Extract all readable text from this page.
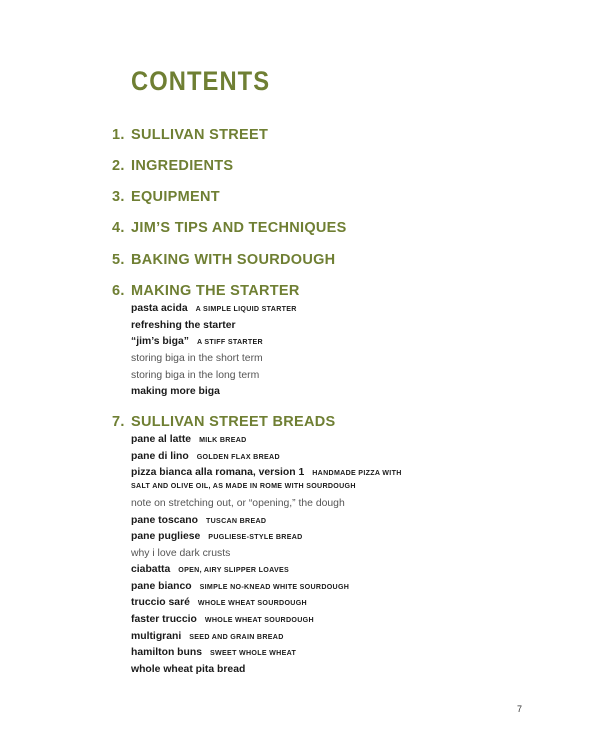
CONTENTS
1. SULLIVAN STREET
2. INGREDIENTS
3. EQUIPMENT
4. JIM’S TIPS AND TECHNIQUES
5. BAKING WITH SOURDOUGH
6. MAKING THE STARTER
pasta acida A SIMPLE LIQUID STARTER
refreshing the starter
“jim’s biga” A STIFF STARTER
storing biga in the short term
storing biga in the long term
making more biga
7. SULLIVAN STREET BREADS
pane al latte MILK BREAD
pane di lino GOLDEN FLAX BREAD
pizza bianca alla romana, version 1 HANDMADE PIZZA WITH
SALT AND OLIVE OIL, AS MADE IN ROME WITH SOURDOUGH
note on stretching out, or “opening,” the dough
pane toscano TUSCAN BREAD
pane pugliese PUGLIESE-STYLE BREAD
why i love dark crusts
ciabatta OPEN, AIRY SLIPPER LOAVES
pane bianco SIMPLE NO-KNEAD WHITE SOURDOUGH
truccio saré WHOLE WHEAT SOURDOUGH
faster truccio WHOLE WHEAT SOURDOUGH
multigrani SEED AND GRAIN BREAD
hamilton buns SWEET WHOLE WHEAT
whole wheat pita bread
7
